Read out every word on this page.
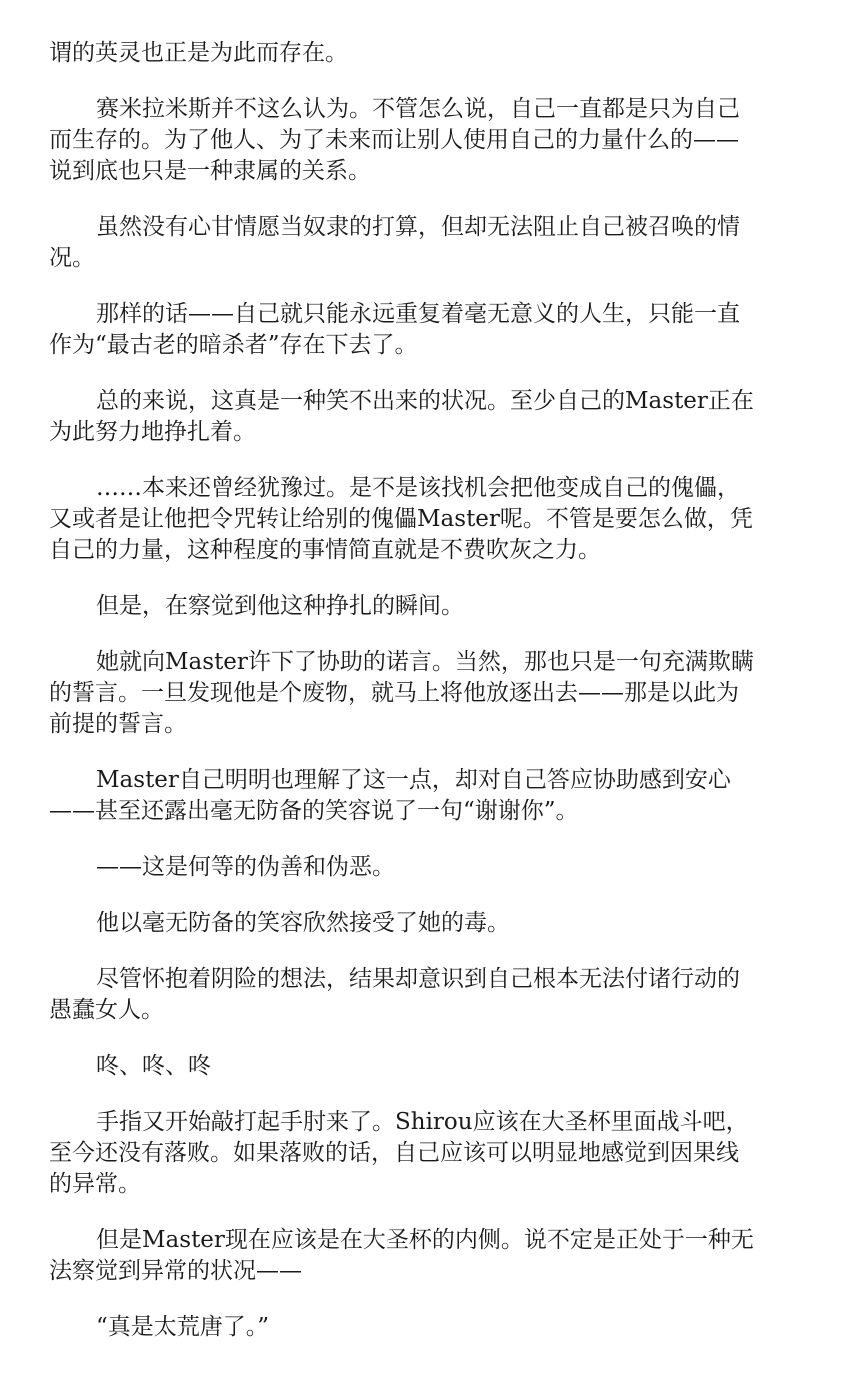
谓的英灵也正是为此而存在。

赛米拉米斯并不这么认为。不管怎么说，自己一直都是只为自己
而生存的。为了他人、为了未来而让别人使用自己的力量什么的——
说到底也只是一种隶属的关系。

虽然没有心甘情愿当奴隶的打算，但却无法阻止自己被召唤的情
况。

那样的话——自己就只能永远重复着毫无意义的人生，只能一直
作为“最古老的暗杀者”存在下去了。

总的来说，这真是一种笑不出来的状况。至少自己的Master正在
为此努力地挣扎着。

……本来还曾经犹豫过。是不是该找机会把他变成自己的傀儡，
又或者是让他把令咒转让给别的傀儡Master呢。不管是要怎么做，凭
自己的力量，这种程度的事情简直就是不费吹灰之力。

但是，在察觉到他这种挣扎的瞬间。

她就向Master许下了协助的诺言。当然，那也只是一句充满欺瞒
的誓言。一旦发现他是个废物，就马上将他放逐出去——那是以此为
前提的誓言。

Master自己明明也理解了这一点，却对自己答应协助感到安心
——甚至还露出毫无防备的笑容说了一句“谢谢你”。

——这是何等的伪善和伪恶。

他以毫无防备的笑容欣然接受了她的毒。

尽管怀抱着阴险的想法，结果却意识到自己根本无法付诸行动的
愚蠢女人。

咚、咚、咚

手指又开始敲打起手肘来了。Shirou应该在大圣杯里面战斗吧，
至今还没有落败。如果落败的话，自己应该可以明显地感觉到因果线
的异常。

但是Master现在应该是在大圣杯的内侧。说不定是正处于一种无
法察觉到异常的状况——

“真是太荒唐了。”
